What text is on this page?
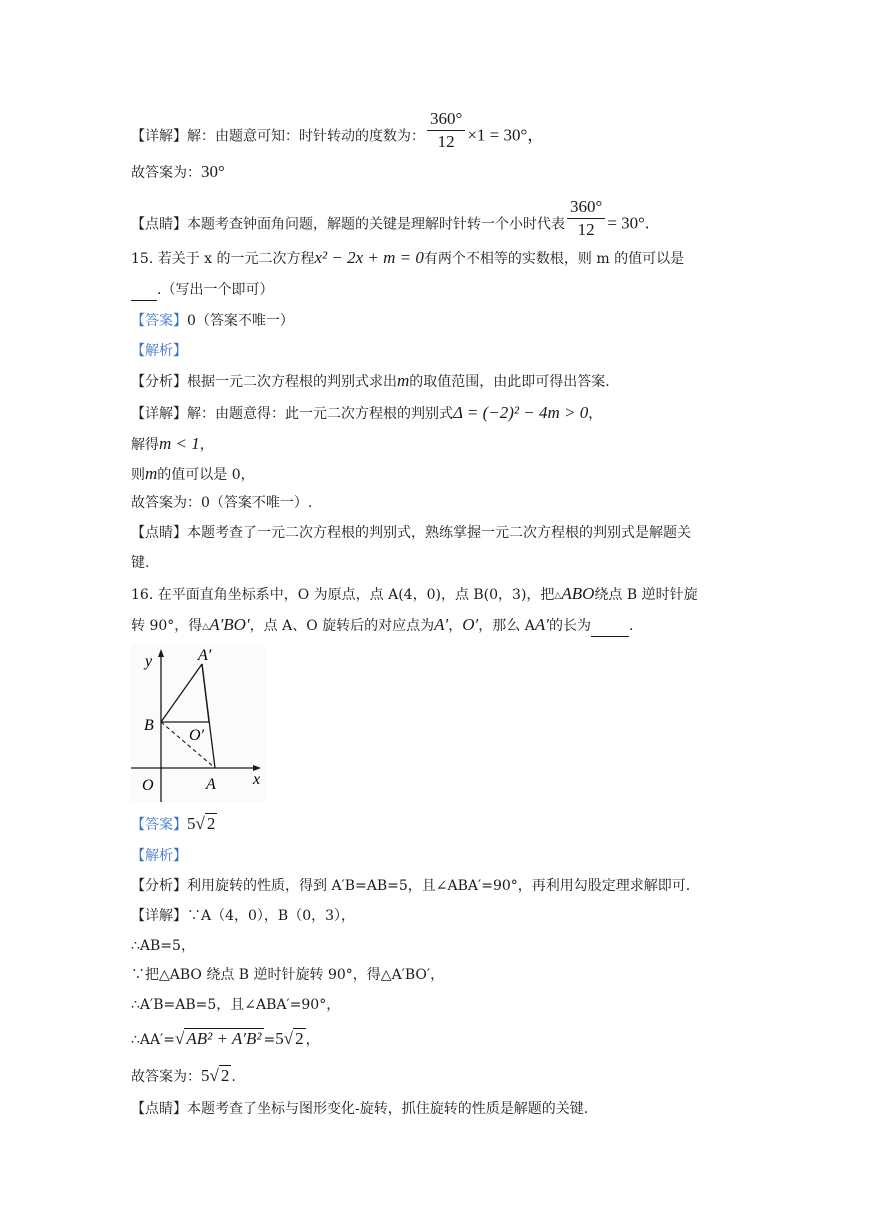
【详解】解：由题意可知：时针转动的度数为： $\frac{360^\circ}{12} \times 1 = 30^\circ$，
故答案为：30°
【点睛】本题考查钟面角问题，解题的关键是理解时针转一个小时代表 $\frac{360^\circ}{12} = 30^\circ$.
15. 若关于 x 的一元二次方程x² − 2x + m = 0有两个不相等的实数根，则 m 的值可以是
.（写出一个即可）
【答案】0（答案不唯一）
【解析】
【分析】根据一元二次方程根的判别式求出m的取值范围，由此即可得出答案.
【详解】解：由题意得：此一元二次方程根的判别式Δ = (−2)² − 4m > 0，
解得m < 1，
则m的值可以是 0，
故答案为：0（答案不唯一）.
【点睛】本题考查了一元二次方程根的判别式，熟练掌握一元二次方程根的判别式是解题关
键.
16. 在平面直角坐标系中，O 为原点，点 A(4，0)，点 B(0，3)，把△ABO绕点 B 逆时针旋
转 90°，得△A′BO′，点 A、O 旋转后的对应点为A′，O′，那么 AA′的长为	.
y
x
O	A
B
A′
O′
【答案】5√ 2
【解析】
【分析】利用旋转的性质，得到 A′B=AB=5，且∠ABA′=90°，再利用勾股定理求解即可.
【详解】∵A（4，0），B（0，3），
∴AB=5，
∵把△ABO 绕点 B 逆时针旋转 90°，得△A′BO′，
∴A′B=AB=5，且∠ABA′=90°，
∴AA′=√ AB² + A′B² =5√ 2 ，
故答案为：5√ 2 .
【点睛】本题考查了坐标与图形变化-旋转，抓住旋转的性质是解题的关键.
